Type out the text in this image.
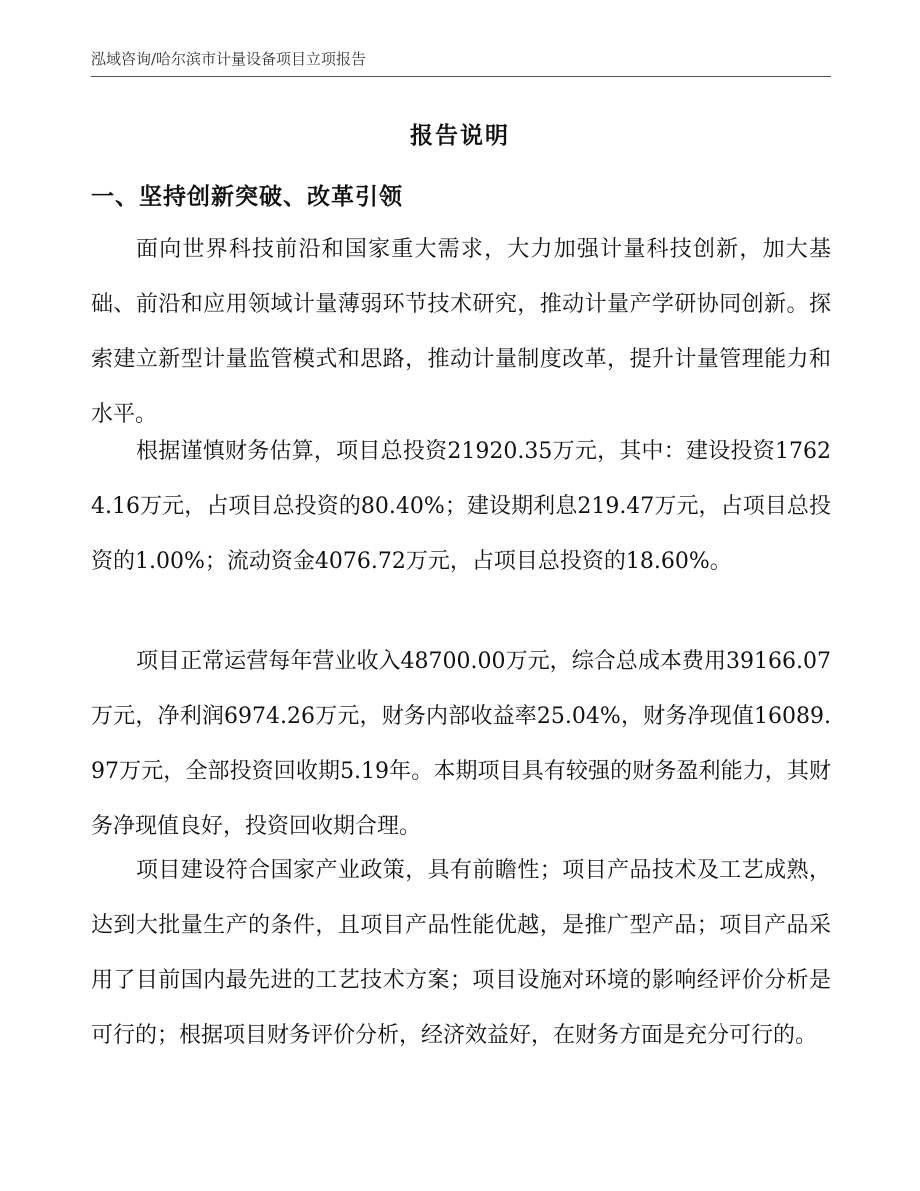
泓域咨询/哈尔滨市计量设备项目立项报告
报告说明
一、坚持创新突破、改革引领

面向世界科技前沿和国家重大需求，大力加强计量科技创新，加大基础、前沿和应用领域计量薄弱环节技术研究，推动计量产学研协同创新。探索建立新型计量监管模式和思路，推动计量制度改革，提升计量管理能力和水平。

根据谨慎财务估算，项目总投资21920.35万元，其中：建设投资17624.16万元，占项目总投资的80.40%；建设期利息219.47万元，占项目总投资的1.00%；流动资金4076.72万元，占项目总投资的18.60%。

项目正常运营每年营业收入48700.00万元，综合总成本费用39166.07万元，净利润6974.26万元，财务内部收益率25.04%，财务净现值16089.97万元，全部投资回收期5.19年。本期项目具有较强的财务盈利能力，其财务净现值良好，投资回收期合理。

项目建设符合国家产业政策，具有前瞻性；项目产品技术及工艺成熟，达到大批量生产的条件，且项目产品性能优越，是推广型产品；项目产品采用了目前国内最先进的工艺技术方案；项目设施对环境的影响经评价分析是可行的；根据项目财务评价分析，经济效益好，在财务方面是充分可行的。
